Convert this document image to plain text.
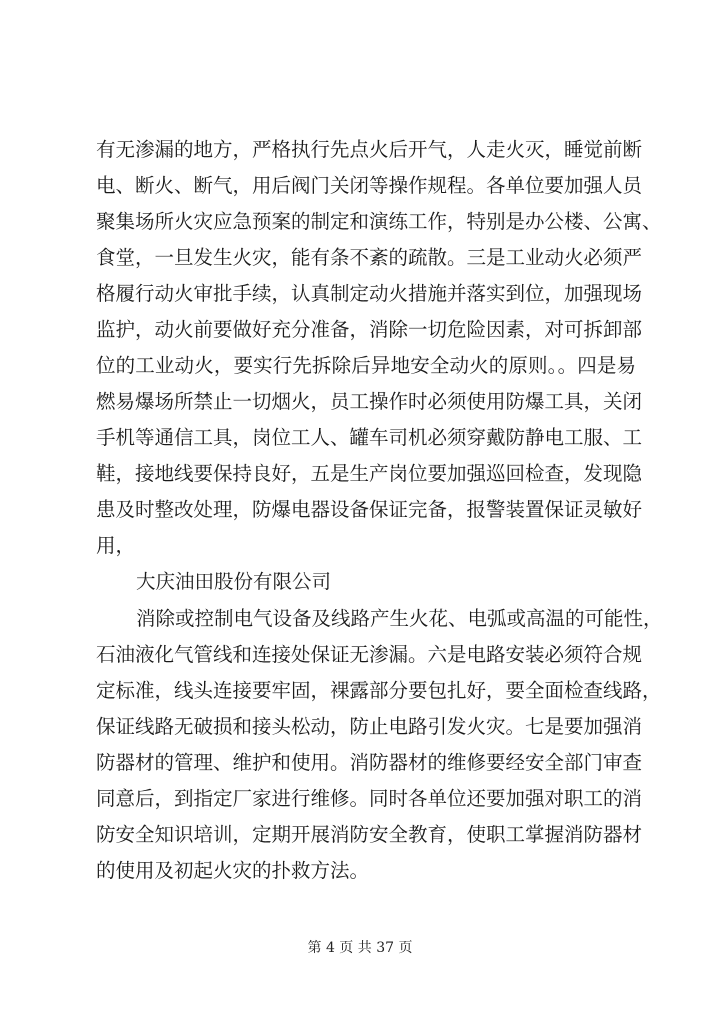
有无渗漏的地方，严格执行先点火后开气，人走火灭，睡觉前断
电、断火、断气，用后阀门关闭等操作规程。各单位要加强人员
聚集场所火灾应急预案的制定和演练工作，特别是办公楼、公寓、
食堂，一旦发生火灾，能有条不紊的疏散。三是工业动火必须严
格履行动火审批手续，认真制定动火措施并落实到位，加强现场
监护，动火前要做好充分准备，消除一切危险因素，对可拆卸部
位的工业动火，要实行先拆除后异地安全动火的原则。。四是易
燃易爆场所禁止一切烟火，员工操作时必须使用防爆工具，关闭
手机等通信工具，岗位工人、罐车司机必须穿戴防静电工服、工
鞋，接地线要保持良好，五是生产岗位要加强巡回检查，发现隐
患及时整改处理，防爆电器设备保证完备，报警装置保证灵敏好
用，
大庆油田股份有限公司
消除或控制电气设备及线路产生火花、电弧或高温的可能性，
石油液化气管线和连接处保证无渗漏。六是电路安装必须符合规
定标准，线头连接要牢固，裸露部分要包扎好，要全面检查线路，
保证线路无破损和接头松动，防止电路引发火灾。七是要加强消
防器材的管理、维护和使用。消防器材的维修要经安全部门审查
同意后，到指定厂家进行维修。同时各单位还要加强对职工的消
防安全知识培训，定期开展消防安全教育，使职工掌握消防器材
的使用及初起火灾的扑救方法。
第 4 页 共 37 页
